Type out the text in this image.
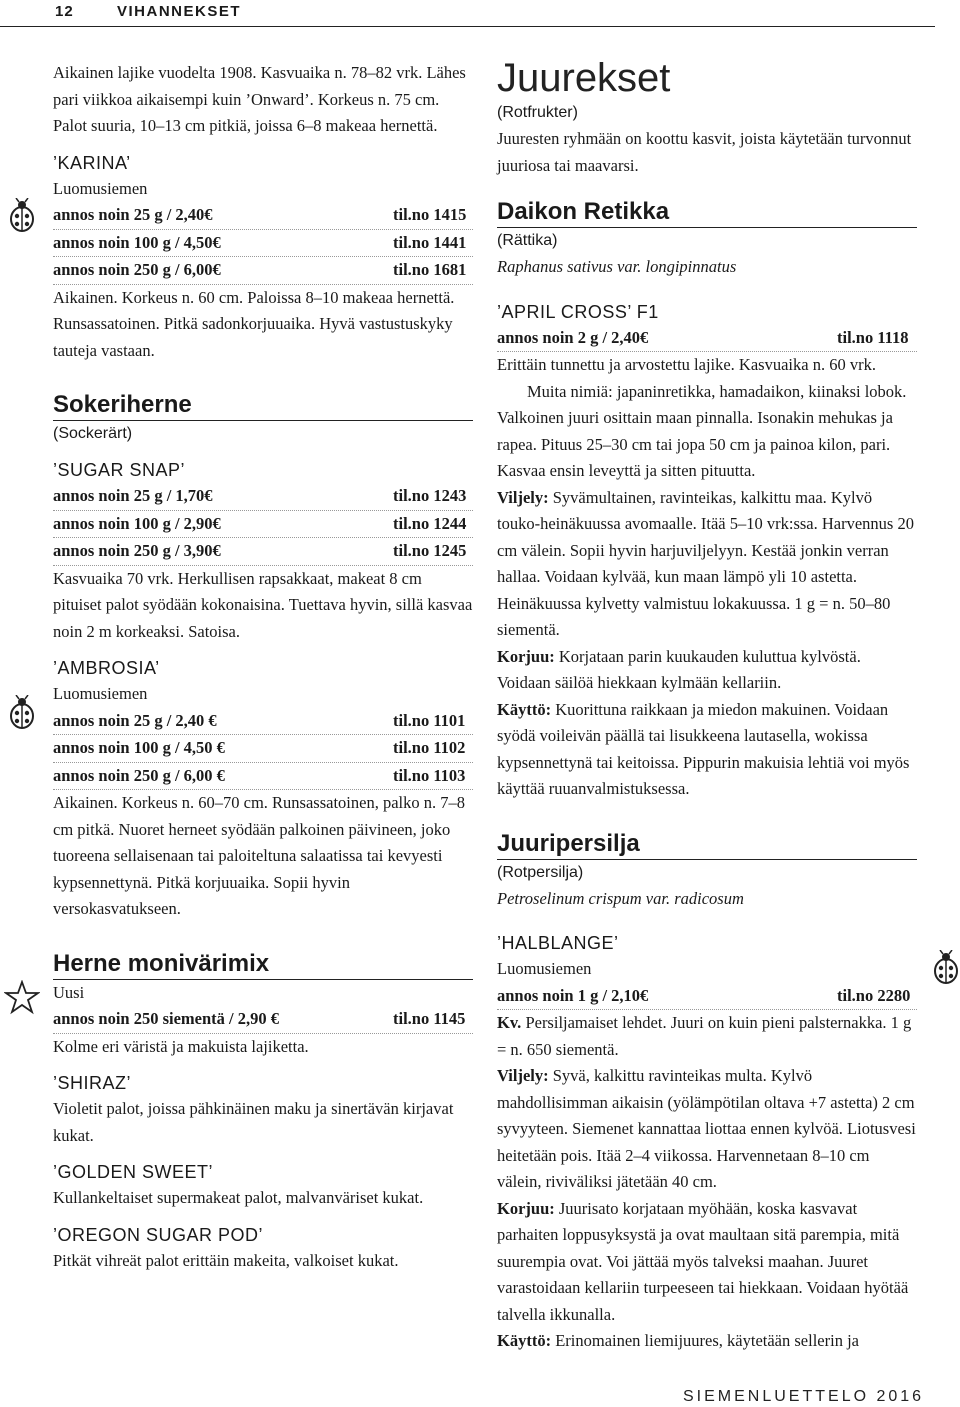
12	VIHANNEKSET

Aikainen lajike vuodelta 1908. Kasvuaika n. 78–82 vrk. Lähes pari viikkoa aikaisempi kuin ’Onward’. Korkeus n. 75 cm. Palot suuria, 10–13 cm pitkiä, joissa 6–8 makeaa hernettä.

’KARINA’

Luomusiemen

annos noin 25 g / 2,40€	til.no 1415
annos noin 100 g / 4,50€	til.no 1441
annos noin 250 g / 6,00€	til.no 1681

Aikainen. Korkeus n. 60 cm. Paloissa 8–10 makeaa hernettä. Runsassatoinen. Pitkä sadonkorjuuaika. Hyvä vastustuskyky tauteja vastaan.

Sokeriherne

(Sockerärt)

’SUGAR SNAP’

annos noin 25 g / 1,70€	til.no 1243
annos noin 100 g / 2,90€	til.no 1244
annos noin 250 g / 3,90€	til.no 1245

Kasvuaika 70 vrk. Herkullisen rapsakkaat, makeat 8 cm pituiset palot syödään kokonaisina. Tuettava hyvin, sillä kasvaa noin 2 m korkeaksi. Satoisa.

’AMBROSIA’

Luomusiemen

annos noin 25 g / 2,40 €	til.no 1101
annos noin 100 g / 4,50 €	til.no 1102
annos noin 250 g / 6,00 €	til.no 1103

Aikainen. Korkeus n. 60–70 cm. Runsassatoinen, palko n. 7–8 cm pitkä. Nuoret herneet syödään palkoinen päivineen, joko tuoreena sellaisenaan tai paloiteltuna salaatissa tai kevyesti kypsennettynä. Pitkä korjuuaika. Sopii hyvin versokasvatukseen.

Herne monivärimix

Uusi

annos noin 250 siementä / 2,90 €	til.no 1145

Kolme eri väristä ja makuista lajiketta.

’SHIRAZ’

Violetit palot, joissa pähkinäinen maku ja sinertävän kirjavat kukat.

’GOLDEN SWEET’

Kullankeltaiset supermakeat palot, malvanväriset kukat.

’OREGON SUGAR POD’

Pitkät vihreät palot erittäin makeita, valkoiset kukat.

Juurekset

(Rotfrukter)

Juuresten ryhmään on koottu kasvit, joista käytetään turvonnut juuriosa tai maavarsi.

Daikon Retikka

(Rättika)

Raphanus sativus var. longipinnatus

’APRIL CROSS’ F1

annos noin 2 g / 2,40€	til.no 1118

Erittäin tunnettu ja arvostettu lajike. Kasvuaika n. 60 vrk.

Muita nimiä: japaninretikka, hamadaikon, kiinaksi lobok. Valkoinen juuri osittain maan pinnalla. Isonakin mehukas ja rapea. Pituus 25–30 cm tai jopa 50 cm ja painoa kilon, pari. Kasvaa ensin leveyttä ja sitten pituutta.

Viljely: Syvämultainen, ravinteikas, kalkittu maa. Kylvö touko-heinäkuussa avomaalle. Itää 5–10 vrk:ssa. Harvennus 20 cm välein. Sopii hyvin harjuviljelyyn. Kestää jonkin verran hallaa. Voidaan kylvää, kun maan lämpö yli 10 astetta. Heinäkuussa kylvetty valmistuu lokakuussa. 1 g = n. 50–80 siementä.

Korjuu: Korjataan parin kuukauden kuluttua kylvöstä. Voidaan säilöä hiekkaan kylmään kellariin.

Käyttö: Kuorittuna raikkaan ja miedon makuinen. Voidaan syödä voileivän päällä tai lisukkeena lautasella, wokissa kypsennettynä tai keitoissa. Pippurin makuisia lehtiä voi myös käyttää ruuanvalmistuksessa.

Juuripersilja

(Rotpersilja)

Petroselinum crispum var. radicosum

’HALBLANGE’

Luomusiemen

annos noin 1 g / 2,10€	til.no 2280

Kv. Persiljamaiset lehdet. Juuri on kuin pieni palsternakka. 1 g = n. 650 siementä.

Viljely: Syvä, kalkittu ravinteikas multa. Kylvö mahdollisimman aikaisin (yölämpötilan oltava +7 astetta) 2 cm syvyyteen. Siemenet kannattaa liottaa ennen kylvöä. Liotusvesi heitetään pois. Itää 2–4 viikossa. Harvennetaan 8–10 cm välein, riviväliksi jätetään 40 cm.

Korjuu: Juurisato korjataan myöhään, koska kasvavat parhaiten loppusyksystä ja ovat maultaan sitä parempia, mitä suurempia ovat. Voi jättää myös talveksi maahan. Juuret varastoidaan kellariin turpeeseen tai hiekkaan. Voidaan hyötää talvella ikkunalla.

Käyttö: Erinomainen liemijuures, käytetään sellerin ja

SIEMENLUETTELO 2016
